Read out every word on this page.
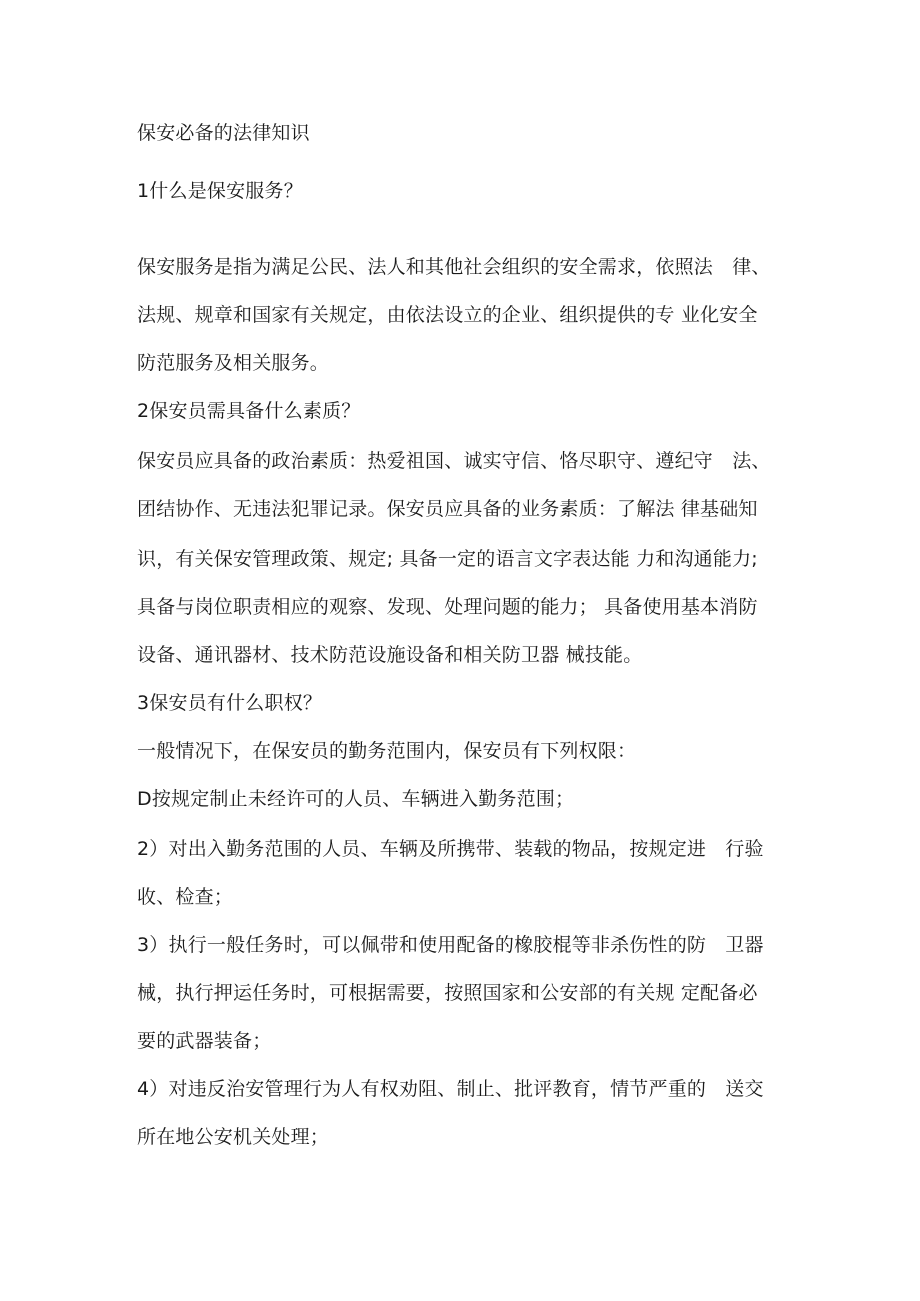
保安必备的法律知识
1什么是保安服务？
保安服务是指为满足公民、法人和其他社会组织的安全需求，依照法　律、
法规、规章和国家有关规定，由依法设立的企业、组织提供的专 业化安全
防范服务及相关服务。
2保安员需具备什么素质？
保安员应具备的政治素质：热爱祖国、诚实守信、恪尽职守、遵纪守　法、
团结协作、无违法犯罪记录。保安员应具备的业务素质：了解法 律基础知
识，有关保安管理政策、规定; 具备一定的语言文字表达能 力和沟通能力;
具备与岗位职责相应的观察、发现、处理问题的能力； 具备使用基本消防
设备、通讯器材、技术防范设施设备和相关防卫器 械技能。
3保安员有什么职权？
一般情况下，在保安员的勤务范围内，保安员有下列权限：
D按规定制止未经许可的人员、车辆进入勤务范围；
2）对出入勤务范围的人员、车辆及所携带、装载的物品，按规定进　行验
收、检查；
3）执行一般任务时，可以佩带和使用配备的橡胶棍等非杀伤性的防　卫器
械，执行押运任务时，可根据需要，按照国家和公安部的有关规 定配备必
要的武器装备；
4）对违反治安管理行为人有权劝阻、制止、批评教育，情节严重的　送交
所在地公安机关处理；
